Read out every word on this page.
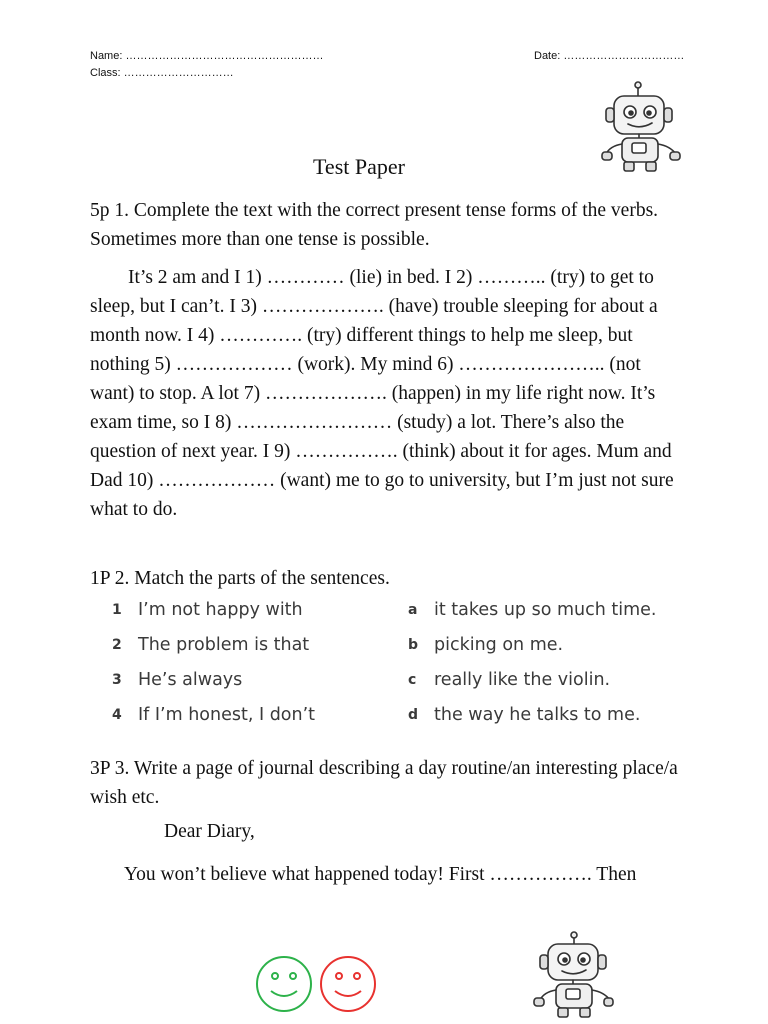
Name: ………………………………………………
Class: …………………………
Date: ……………………………
Test Paper
5p 1. Complete the text with the correct present tense forms of the verbs. Sometimes more than one tense is possible.
It’s 2 am and I 1) ………… (lie) in bed. I 2) ……….. (try) to get to sleep, but I can’t. I 3) ………………. (have) trouble sleeping for about a month now. I 4) …………. (try) different things to help me sleep, but nothing 5) ……………… (work). My mind 6) ………………….. (not want) to stop. A lot 7) ………………. (happen) in my life right now. It’s exam time, so I 8) …………………… (study) a lot. There’s also the question of next year. I 9) ……………. (think) about it for ages. Mum and Dad 10) ……………… (want) me to go to university, but I’m just not sure what to do.
1P 2. Match the parts of the sentences.
1 I’m not happy with	a it takes up so much time.
2 The problem is that	b picking on me.
3 He’s always	c really like the violin.
4 If I’m honest, I don’t	d the way he talks to me.
3P 3. Write a page of journal describing a day routine/an interesting place/a wish etc.
Dear Diary,
You won’t believe what happened today! First ……………. Then
